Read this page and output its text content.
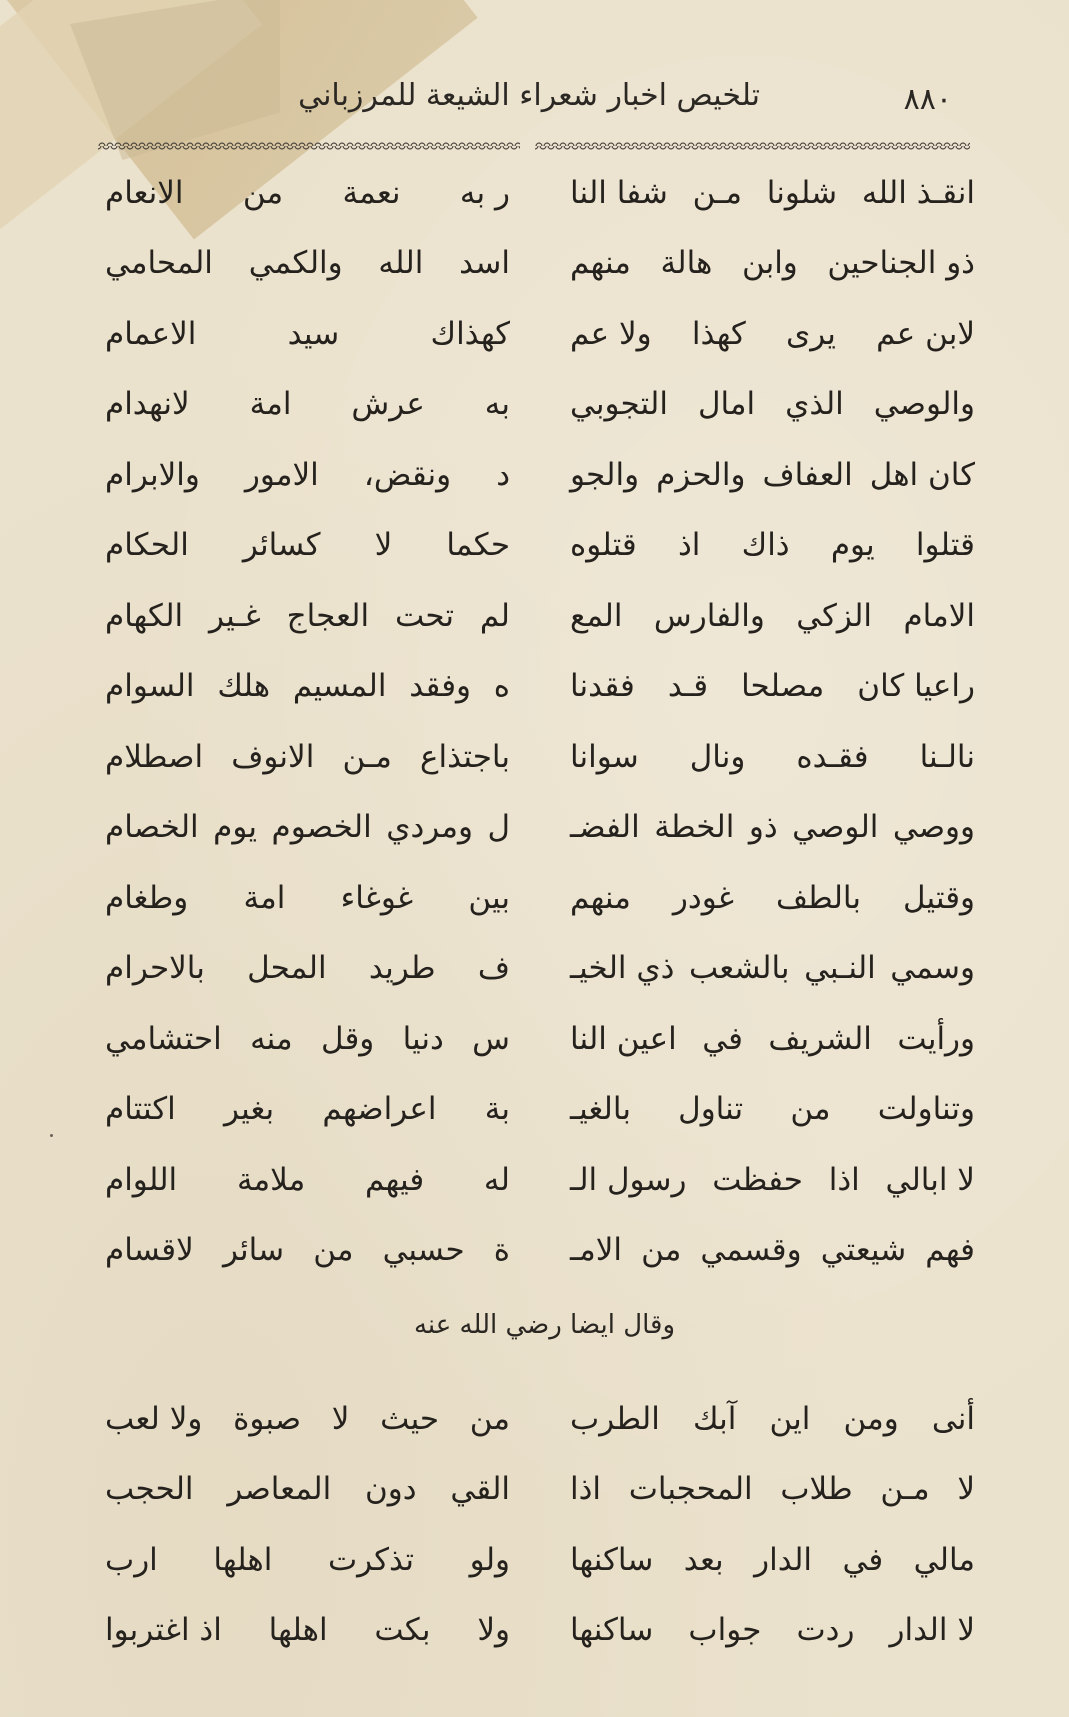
٨٨٠
تلخيص اخبار شعراء الشيعة للمرزباني
انقـذ الله
شلونا
مـن
شفا النا
ر به
نعمة
من
الانعام
ذو الجناحين
وابن
هالة
منهم
اسد
الله
والكمي
المحامي
لابن عم
يرى
كهذا
ولا عم
كهذاك
سيد
الاعمام
والوصي
الذي
امال
التجوبي
به
عرش
امة
لانهدام
كان اهل
العفاف
والحزم
والجو
د
ونقض،
الامور
والابرام
قتلوا
يوم
ذاك
اذ
قتلوه
حكما
لا
كسائر
الحكام
الامام
الزكي
والفارس
المع
لم
تحت
العجاج
غـير
الكهام
راعيا كان
مصلحا
قـد
فقدنا
ه
وفقد
المسيم
هلك
السوام
نالـنا
فقـده
ونال
سوانا
باجتذاع
مـن
الانوف
اصطلام
ووصي
الوصي
ذو
الخطة
الفضـ
ل
ومردي
الخصوم
يوم
الخصام
وقتيل
بالطف
غودر
منهم
بين
غوغاء
امة
وطغام
وسمي
النـبي
بالشعب
ذي الخيـ
ف
طريد
المحل
بالاحرام
ورأيت
الشريف
في
اعين النا
س
دنيا
وقل
منه
احتشامي
وتناولت
من
تناول
بالغيـ
بة
اعراضهم
بغير
اكتتام
لا ابالي
اذا
حفظت
رسول الـ
له
فيهم
ملامة
اللوام
فهم
شيعتي
وقسمي
من
الامـ
ة
حسبي
من
سائر
لاقسام
وقال ايضا رضي الله عنه
أنى
ومن
اين
آبك
الطرب
من
حيث
لا
صبوة
ولا لعب
لا
مـن
طلاب
المحجبات
اذا
القي
دون
المعاصر
الحجب
مالي
في
الدار
بعد
ساكنها
ولو
تذكرت
اهلها
ارب
لا الدار
ردت
جواب
ساكنها
ولا
بكت
اهلها
اذ اغتربوا
